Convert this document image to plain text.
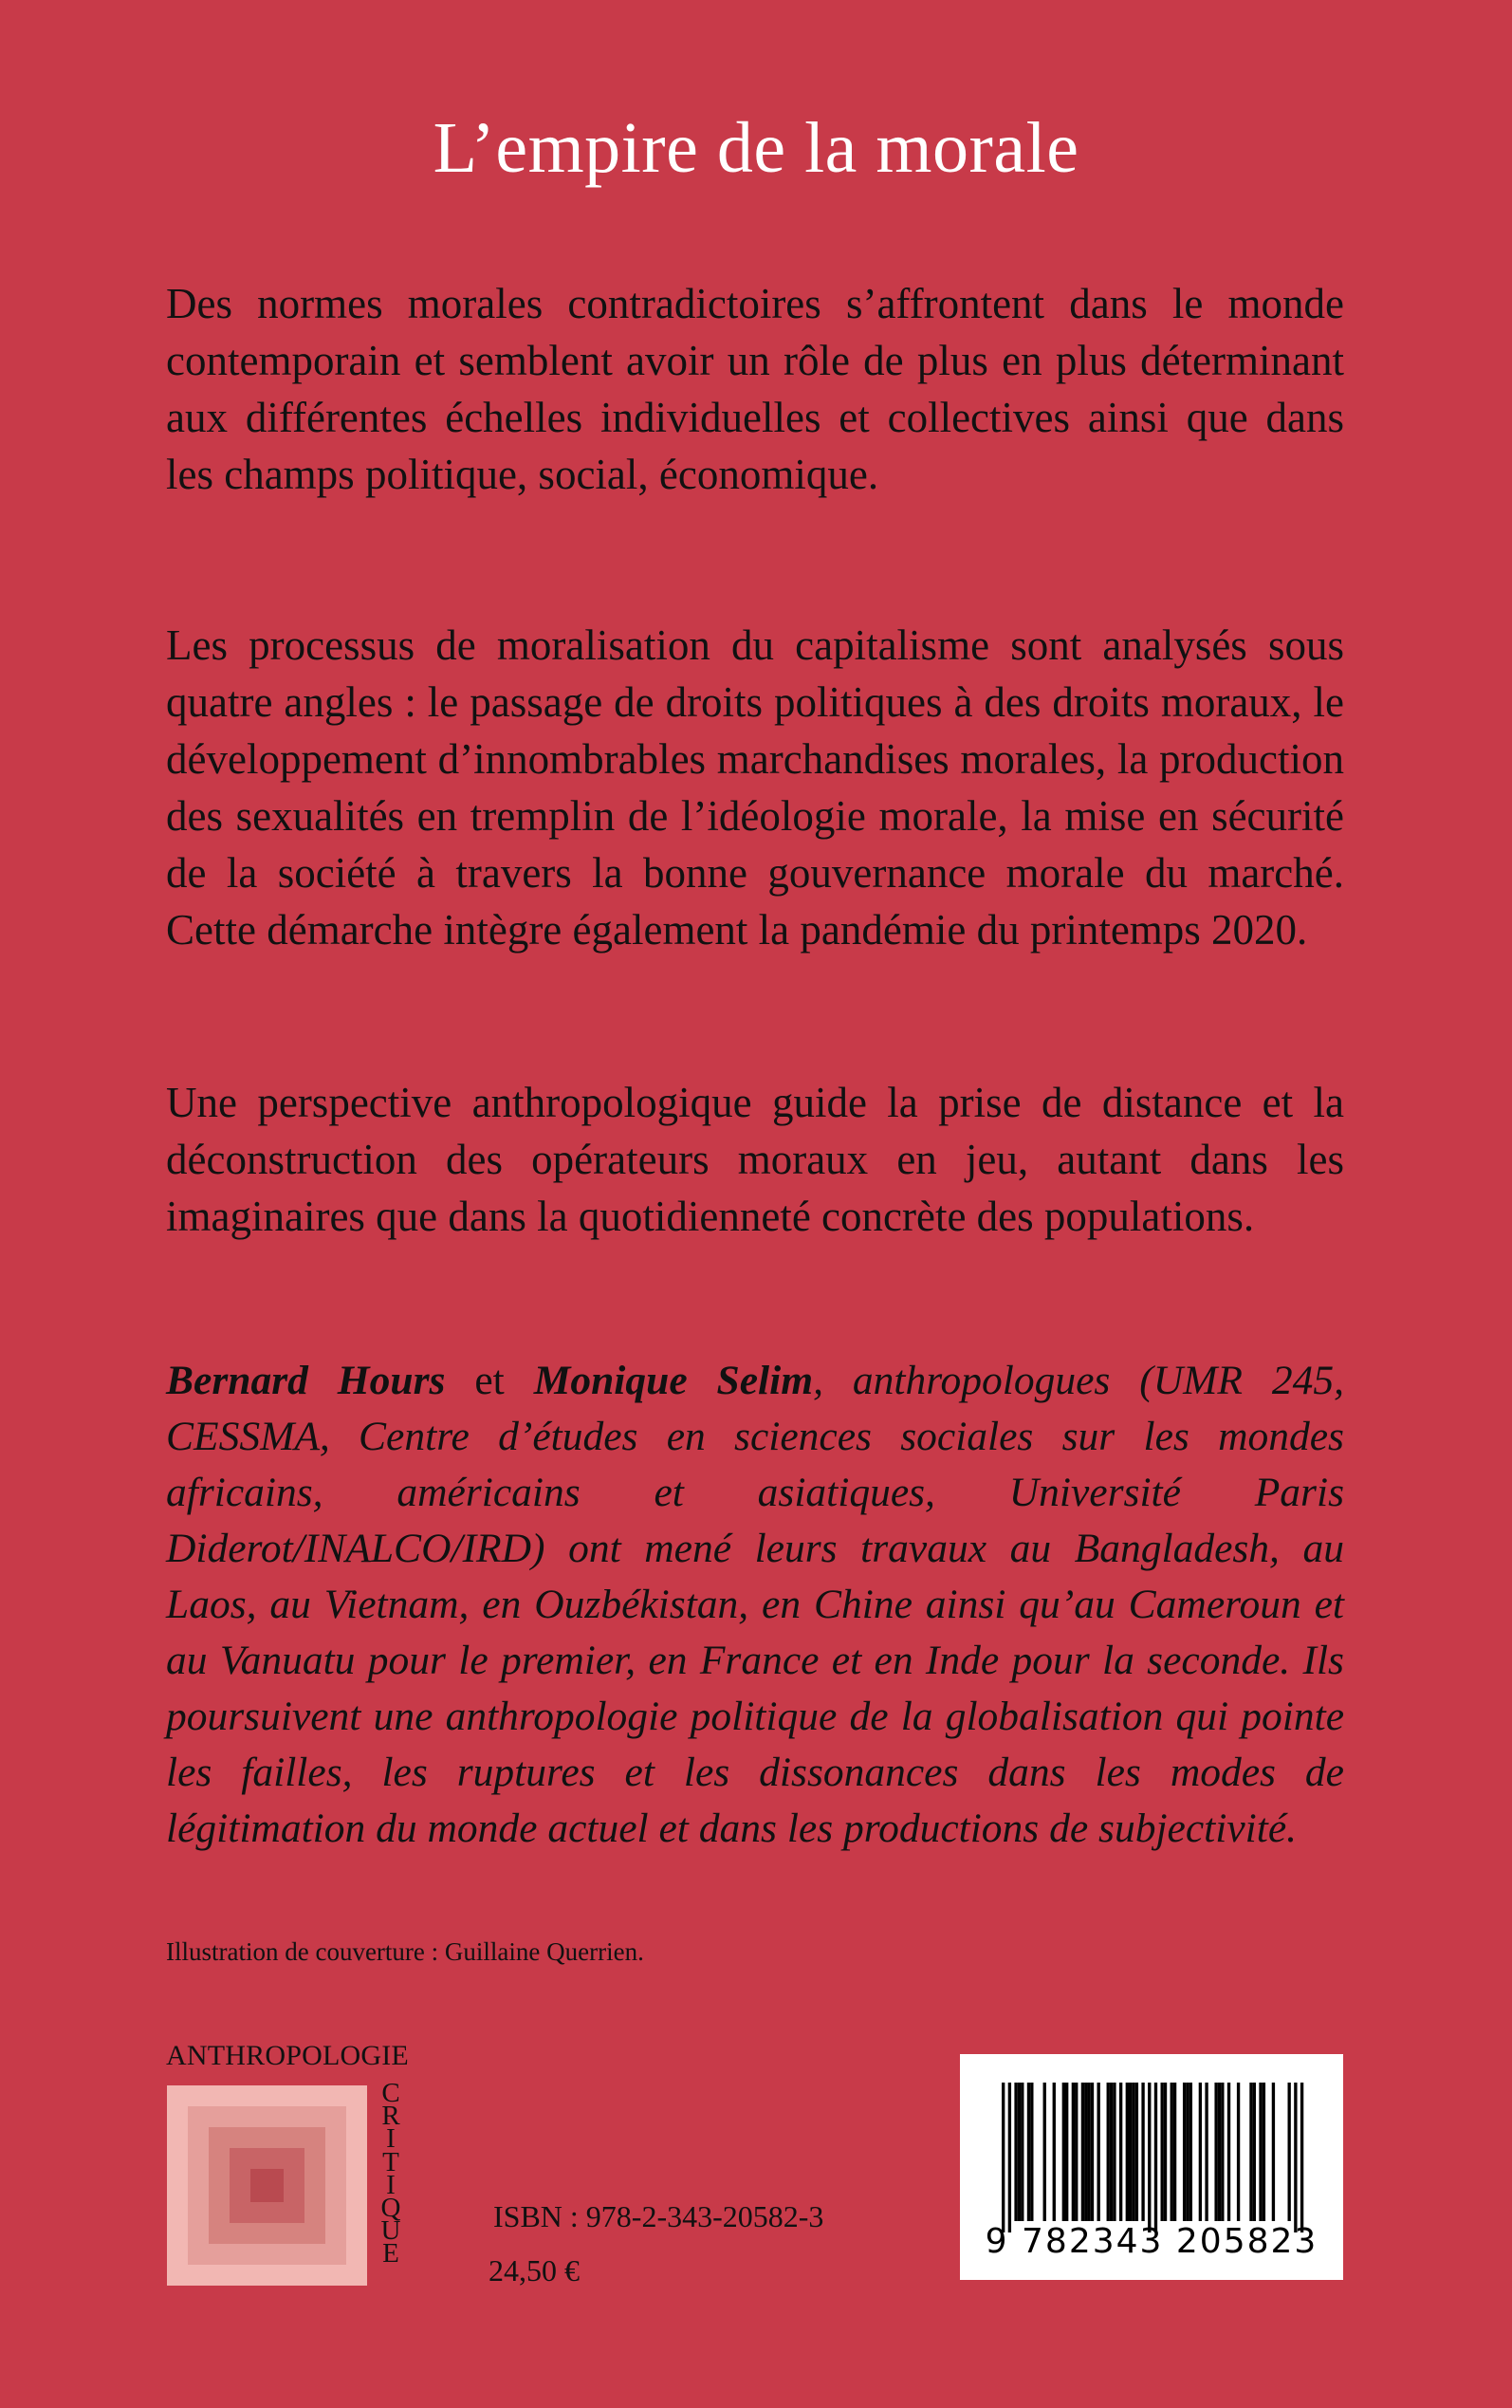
L’empire de la morale
Des normes morales contradictoires s’affrontent dans le monde contemporain et semblent avoir un rôle de plus en plus déterminant aux différentes échelles individuelles et collectives ainsi que dans les champs politique, social, économique.
Les processus de moralisation du capitalisme sont analysés sous quatre angles : le passage de droits politiques à des droits moraux, le développement d’innombrables marchandises morales, la production des sexualités en tremplin de l’idéologie morale, la mise en sécurité de la société à travers la bonne gouvernance morale du marché. Cette démarche intègre également la pandémie du printemps 2020.
Une perspective anthropologique guide la prise de distance et la déconstruction des opérateurs moraux en jeu, autant dans les imaginaires que dans la quotidienneté concrète des populations.
Bernard Hours et Monique Selim, anthropologues (UMR 245, CESSMA, Centre d’études en sciences sociales sur les mondes africains, américains et asiatiques, Université Paris Diderot/INALCO/IRD) ont mené leurs travaux au Bangladesh, au Laos, au Vietnam, en Ouzbékistan, en Chine ainsi qu’au Cameroun et au Vanuatu pour le premier, en France et en Inde pour la seconde. Ils poursuivent une anthropologie politique de la globalisation qui pointe les failles, les ruptures et les dissonances dans les modes de légitimation du monde actuel et dans les productions de subjectivité.
Illustration de couverture : Guillaine Querrien.
ANTHROPOLOGIE
C
R
I
T
I
Q
U
E
ISBN : 978-2-343-20582-3
24,50 €
9 782343 205823
